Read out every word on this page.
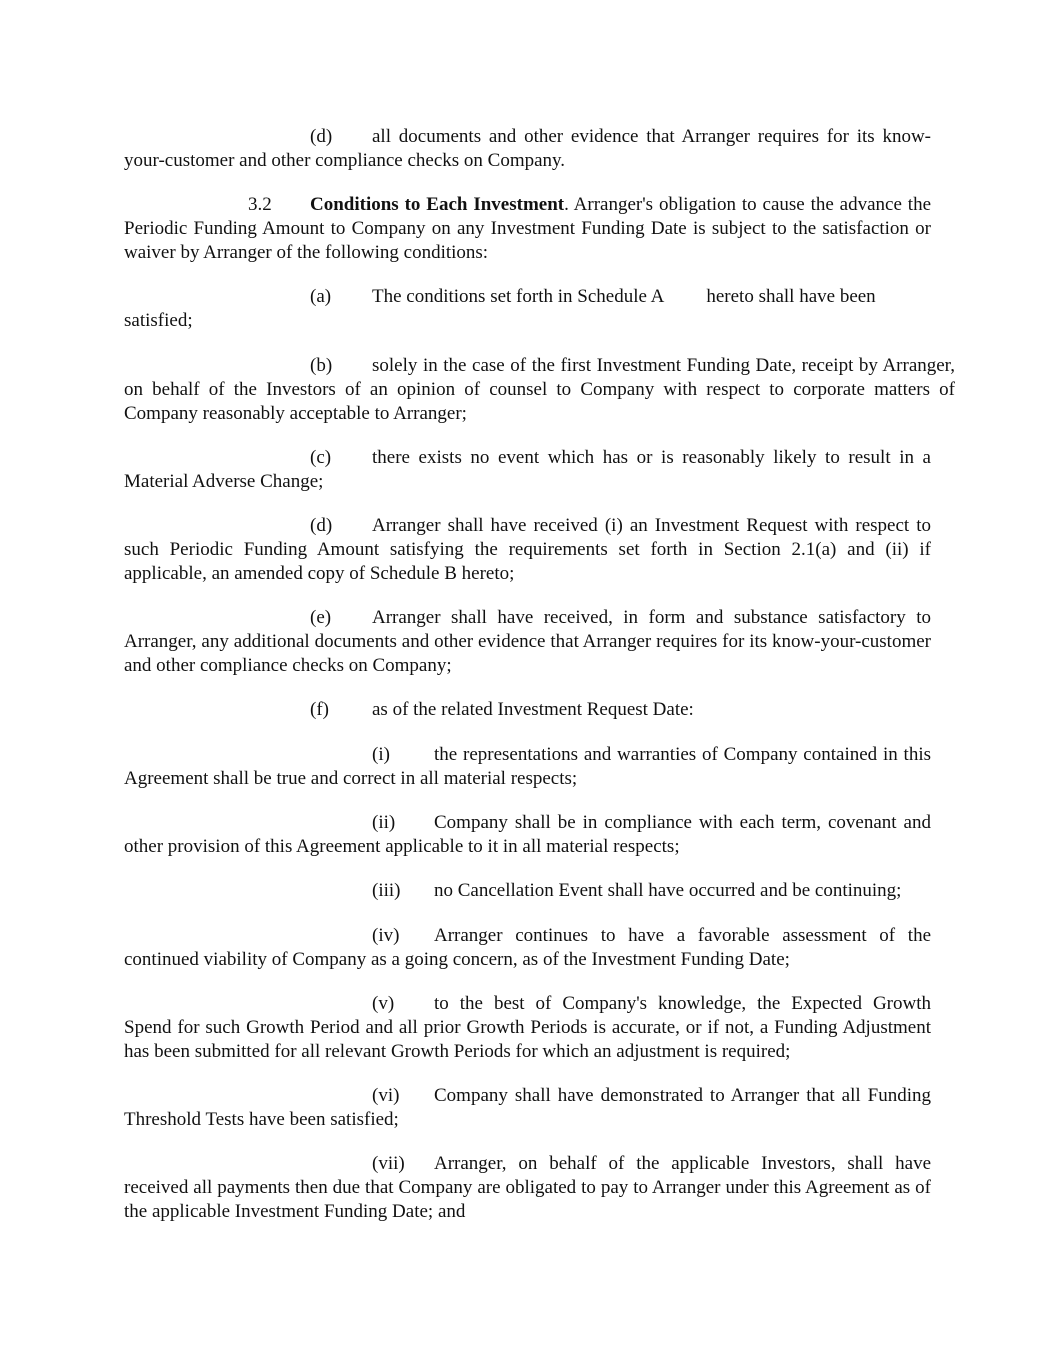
(d) all documents and other evidence that Arranger requires for its know-your-customer and other compliance checks on Company.

3.2 Conditions to Each Investment. Arranger's obligation to cause the advance the Periodic Funding Amount to Company on any Investment Funding Date is subject to the satisfaction or waiver by Arranger of the following conditions:

(a) The conditions set forth in Schedule A hereto shall have been
satisfied;

(b) solely in the case of the first Investment Funding Date, receipt by Arranger, on behalf of the Investors of an opinion of counsel to Company with respect to corporate matters of Company reasonably acceptable to Arranger;

(c) there exists no event which has or is reasonably likely to result in a Material Adverse Change;

(d) Arranger shall have received (i) an Investment Request with respect to such Periodic Funding Amount satisfying the requirements set forth in Section 2.1(a) and (ii) if applicable, an amended copy of Schedule B hereto;

(e) Arranger shall have received, in form and substance satisfactory to Arranger, any additional documents and other evidence that Arranger requires for its know-your-customer and other compliance checks on Company;

(f) as of the related Investment Request Date:

(i) the representations and warranties of Company contained in this Agreement shall be true and correct in all material respects;

(ii) Company shall be in compliance with each term, covenant and other provision of this Agreement applicable to it in all material respects;

(iii) no Cancellation Event shall have occurred and be continuing;

(iv) Arranger continues to have a favorable assessment of the continued viability of Company as a going concern, as of the Investment Funding Date;

(v) to the best of Company's knowledge, the Expected Growth Spend for such Growth Period and all prior Growth Periods is accurate, or if not, a Funding Adjustment has been submitted for all relevant Growth Periods for which an adjustment is required;

(vi) Company shall have demonstrated to Arranger that all Funding Threshold Tests have been satisfied;

(vii) Arranger, on behalf of the applicable Investors, shall have received all payments then due that Company are obligated to pay to Arranger under this Agreement as of the applicable Investment Funding Date; and
